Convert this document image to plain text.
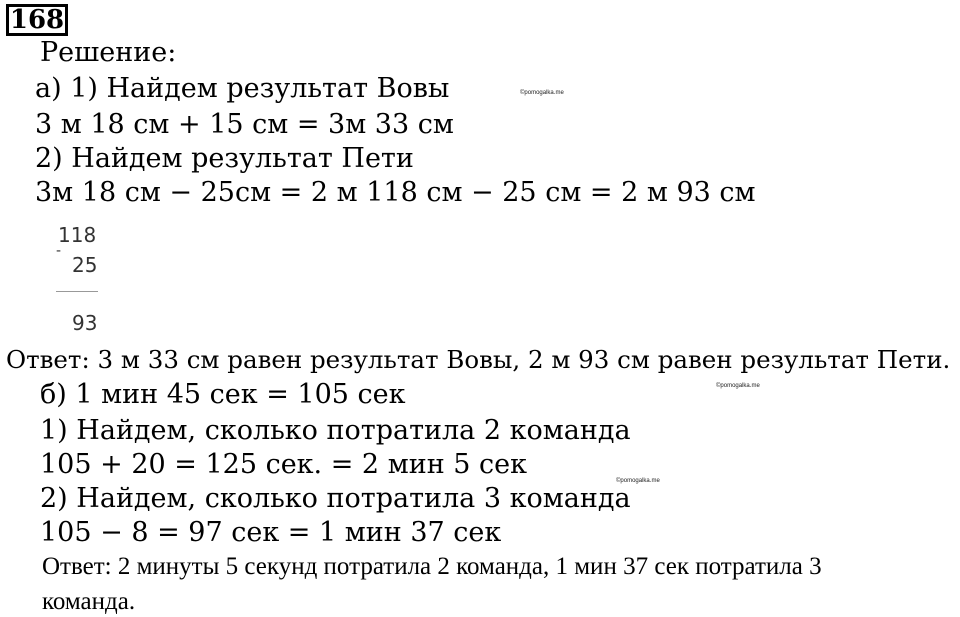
168
Решение:
а) 1) Найдем результат Вовы
3 м 18 см + 15 см = 3м 33 см
2) Найдем результат Пети
3м 18 см − 25см = 2 м 118 см − 25 см = 2 м 93 см
118
-
25
93
Ответ: 3 м 33 см равен результат Вовы, 2 м 93 см равен результат Пети.
б) 1 мин 45 сек = 105 сек
1) Найдем, сколько потратила 2 команда
105 + 20 = 125 сек. = 2 мин 5 сек
2) Найдем, сколько потратила 3 команда
105 − 8 = 97 сек = 1 мин 37 сек
Ответ: 2 минуты 5 секунд потратила 2 команда, 1 мин 37 сек потратила 3
команда.
©pomogalka.me
©pomogalka.me
©pomogalka.me
